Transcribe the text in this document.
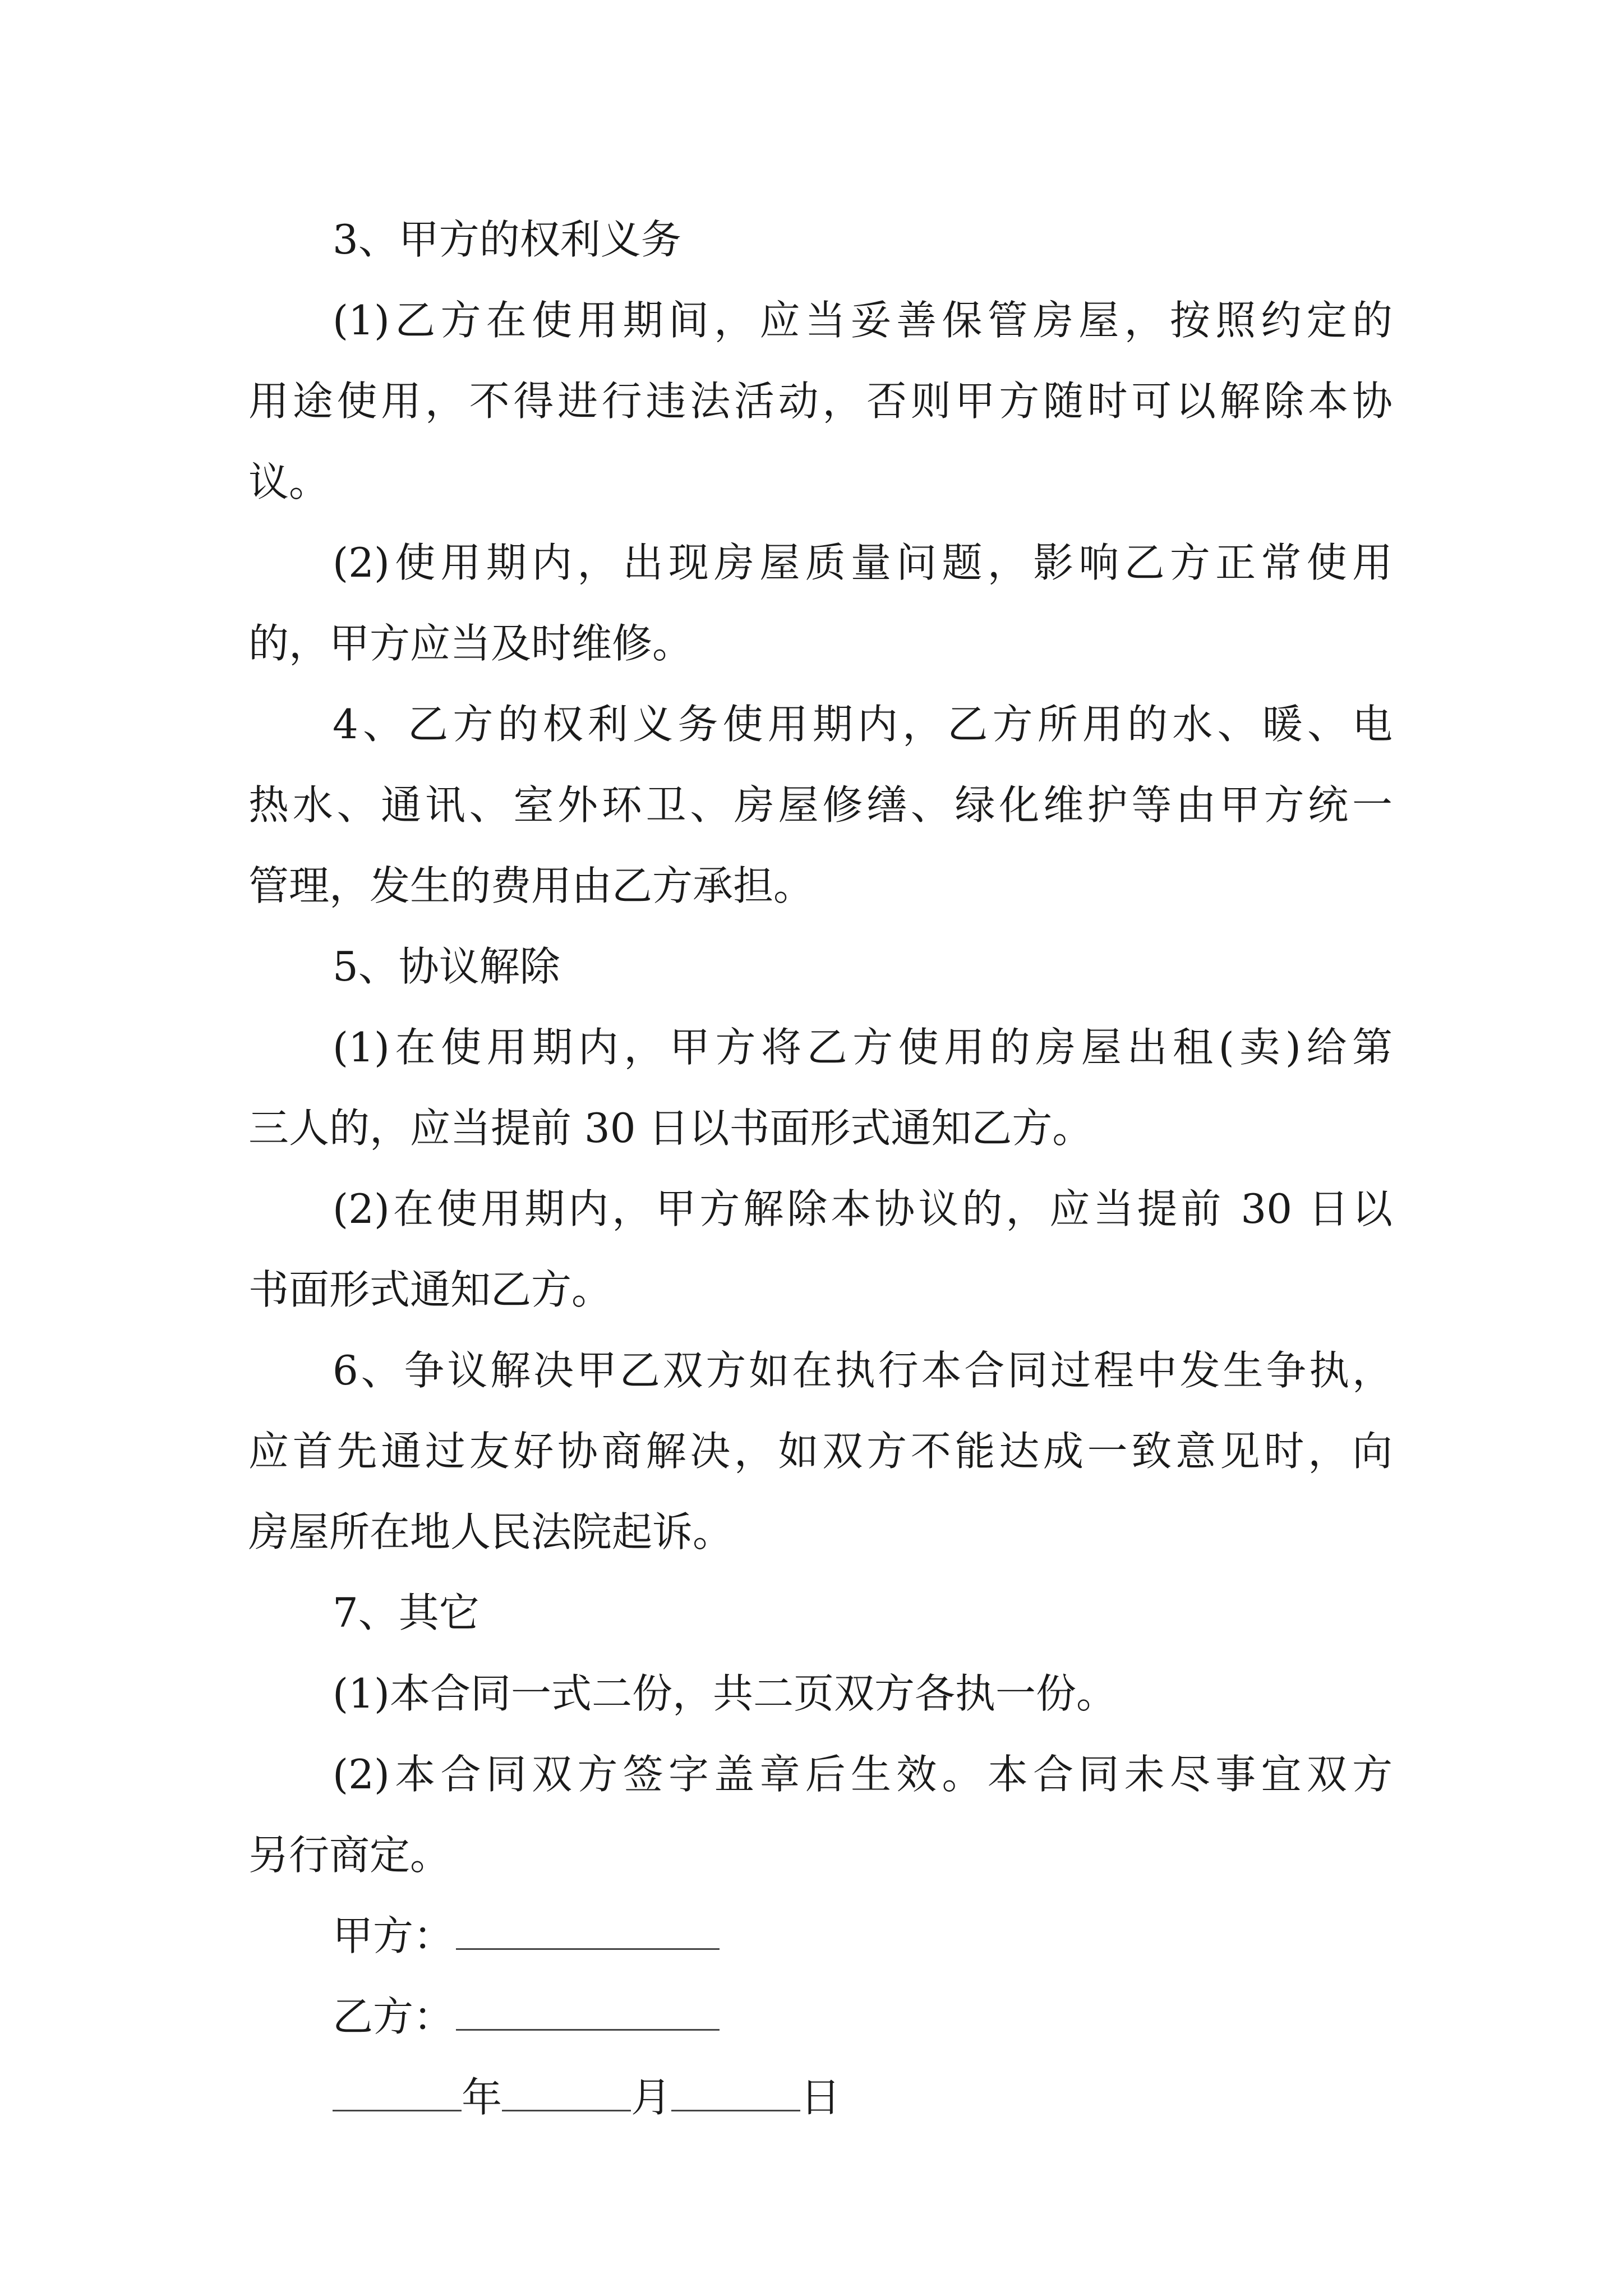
3、甲方的权利义务

(1)乙方在使用期间，应当妥善保管房屋，按照约定的

用途使用，不得进行违法活动，否则甲方随时可以解除本协

议。

(2)使用期内，出现房屋质量问题，影响乙方正常使用

的，甲方应当及时维修。

4、乙方的权利义务使用期内，乙方所用的水、暖、电

热水、通讯、室外环卫、房屋修缮、绿化维护等由甲方统一

管理，发生的费用由乙方承担。

5、协议解除

(1)在使用期内，甲方将乙方使用的房屋出租(卖)给第

三人的，应当提前 30 日以书面形式通知乙方。

(2)在使用期内，甲方解除本协议的，应当提前 30 日以

书面形式通知乙方。

6、争议解决甲乙双方如在执行本合同过程中发生争执，

应首先通过友好协商解决，如双方不能达成一致意见时，向

房屋所在地人民法院起诉。

7、其它

(1)本合同一式二份，共二页双方各执一份。

(2)本合同双方签字盖章后生效。本合同未尽事宜双方

另行商定。

甲方：
乙方：
年	月	日
